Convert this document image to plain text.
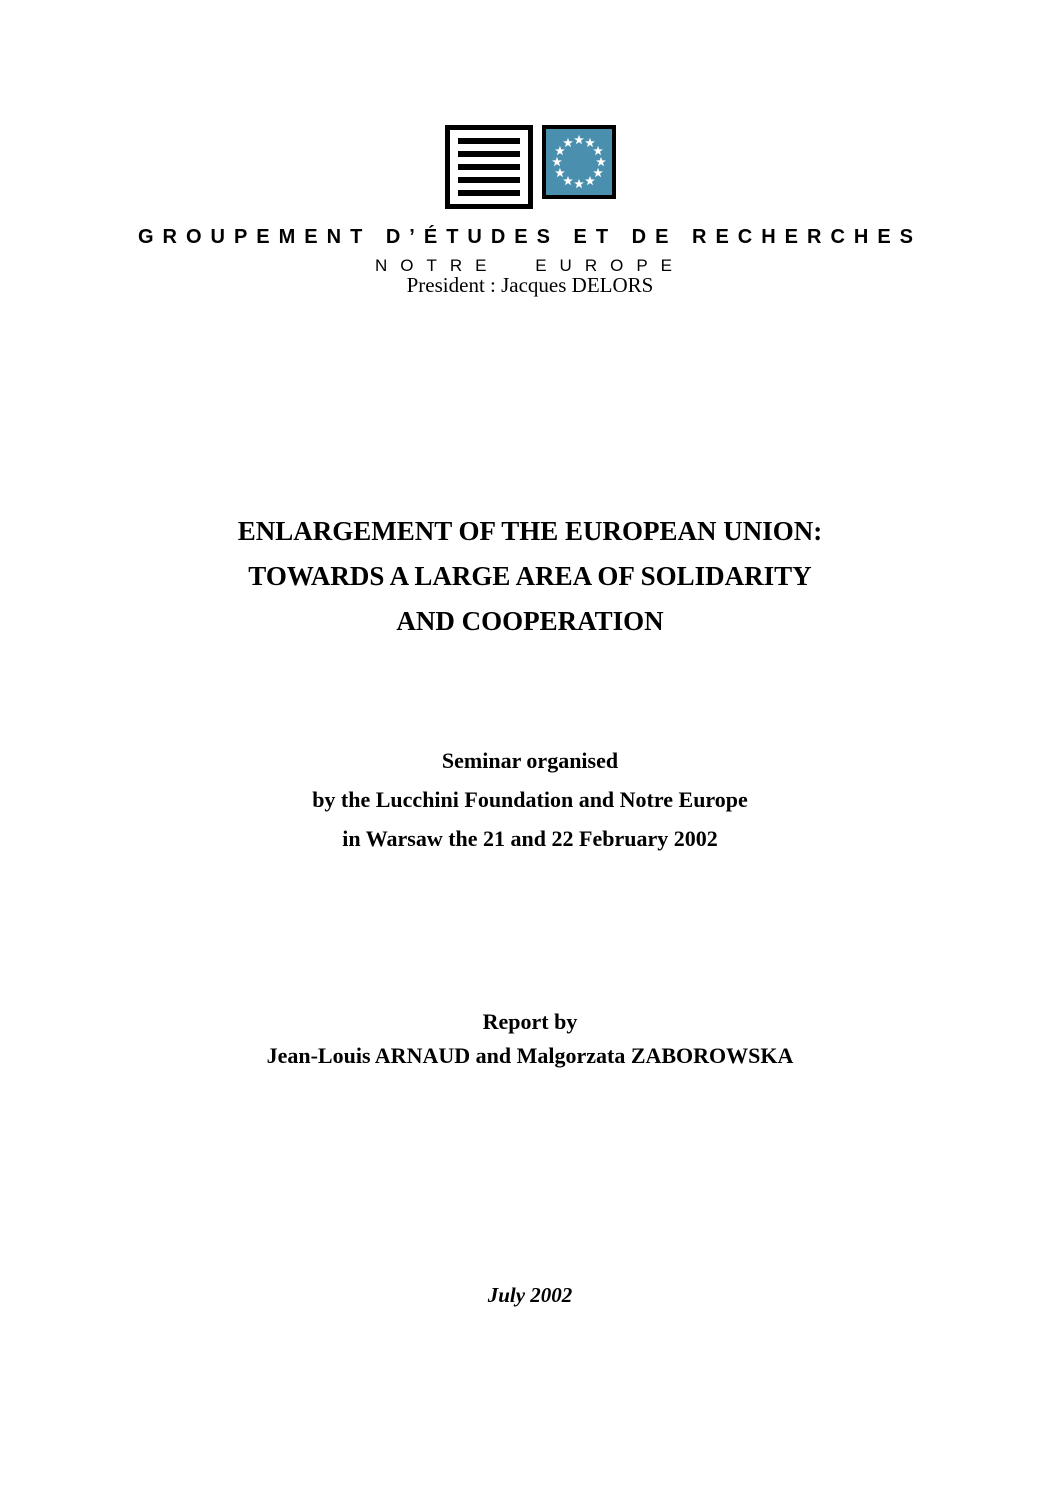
GROUPEMENT D’ÉTUDES ET DE RECHERCHES
NOTRE EUROPE
President : Jacques DELORS
ENLARGEMENT OF THE EUROPEAN UNION:
TOWARDS A LARGE AREA OF SOLIDARITY
AND COOPERATION
Seminar organised
by the Lucchini Foundation and Notre Europe
in Warsaw the 21 and 22 February 2002
Report by
Jean-Louis ARNAUD and Malgorzata ZABOROWSKA
July 2002
